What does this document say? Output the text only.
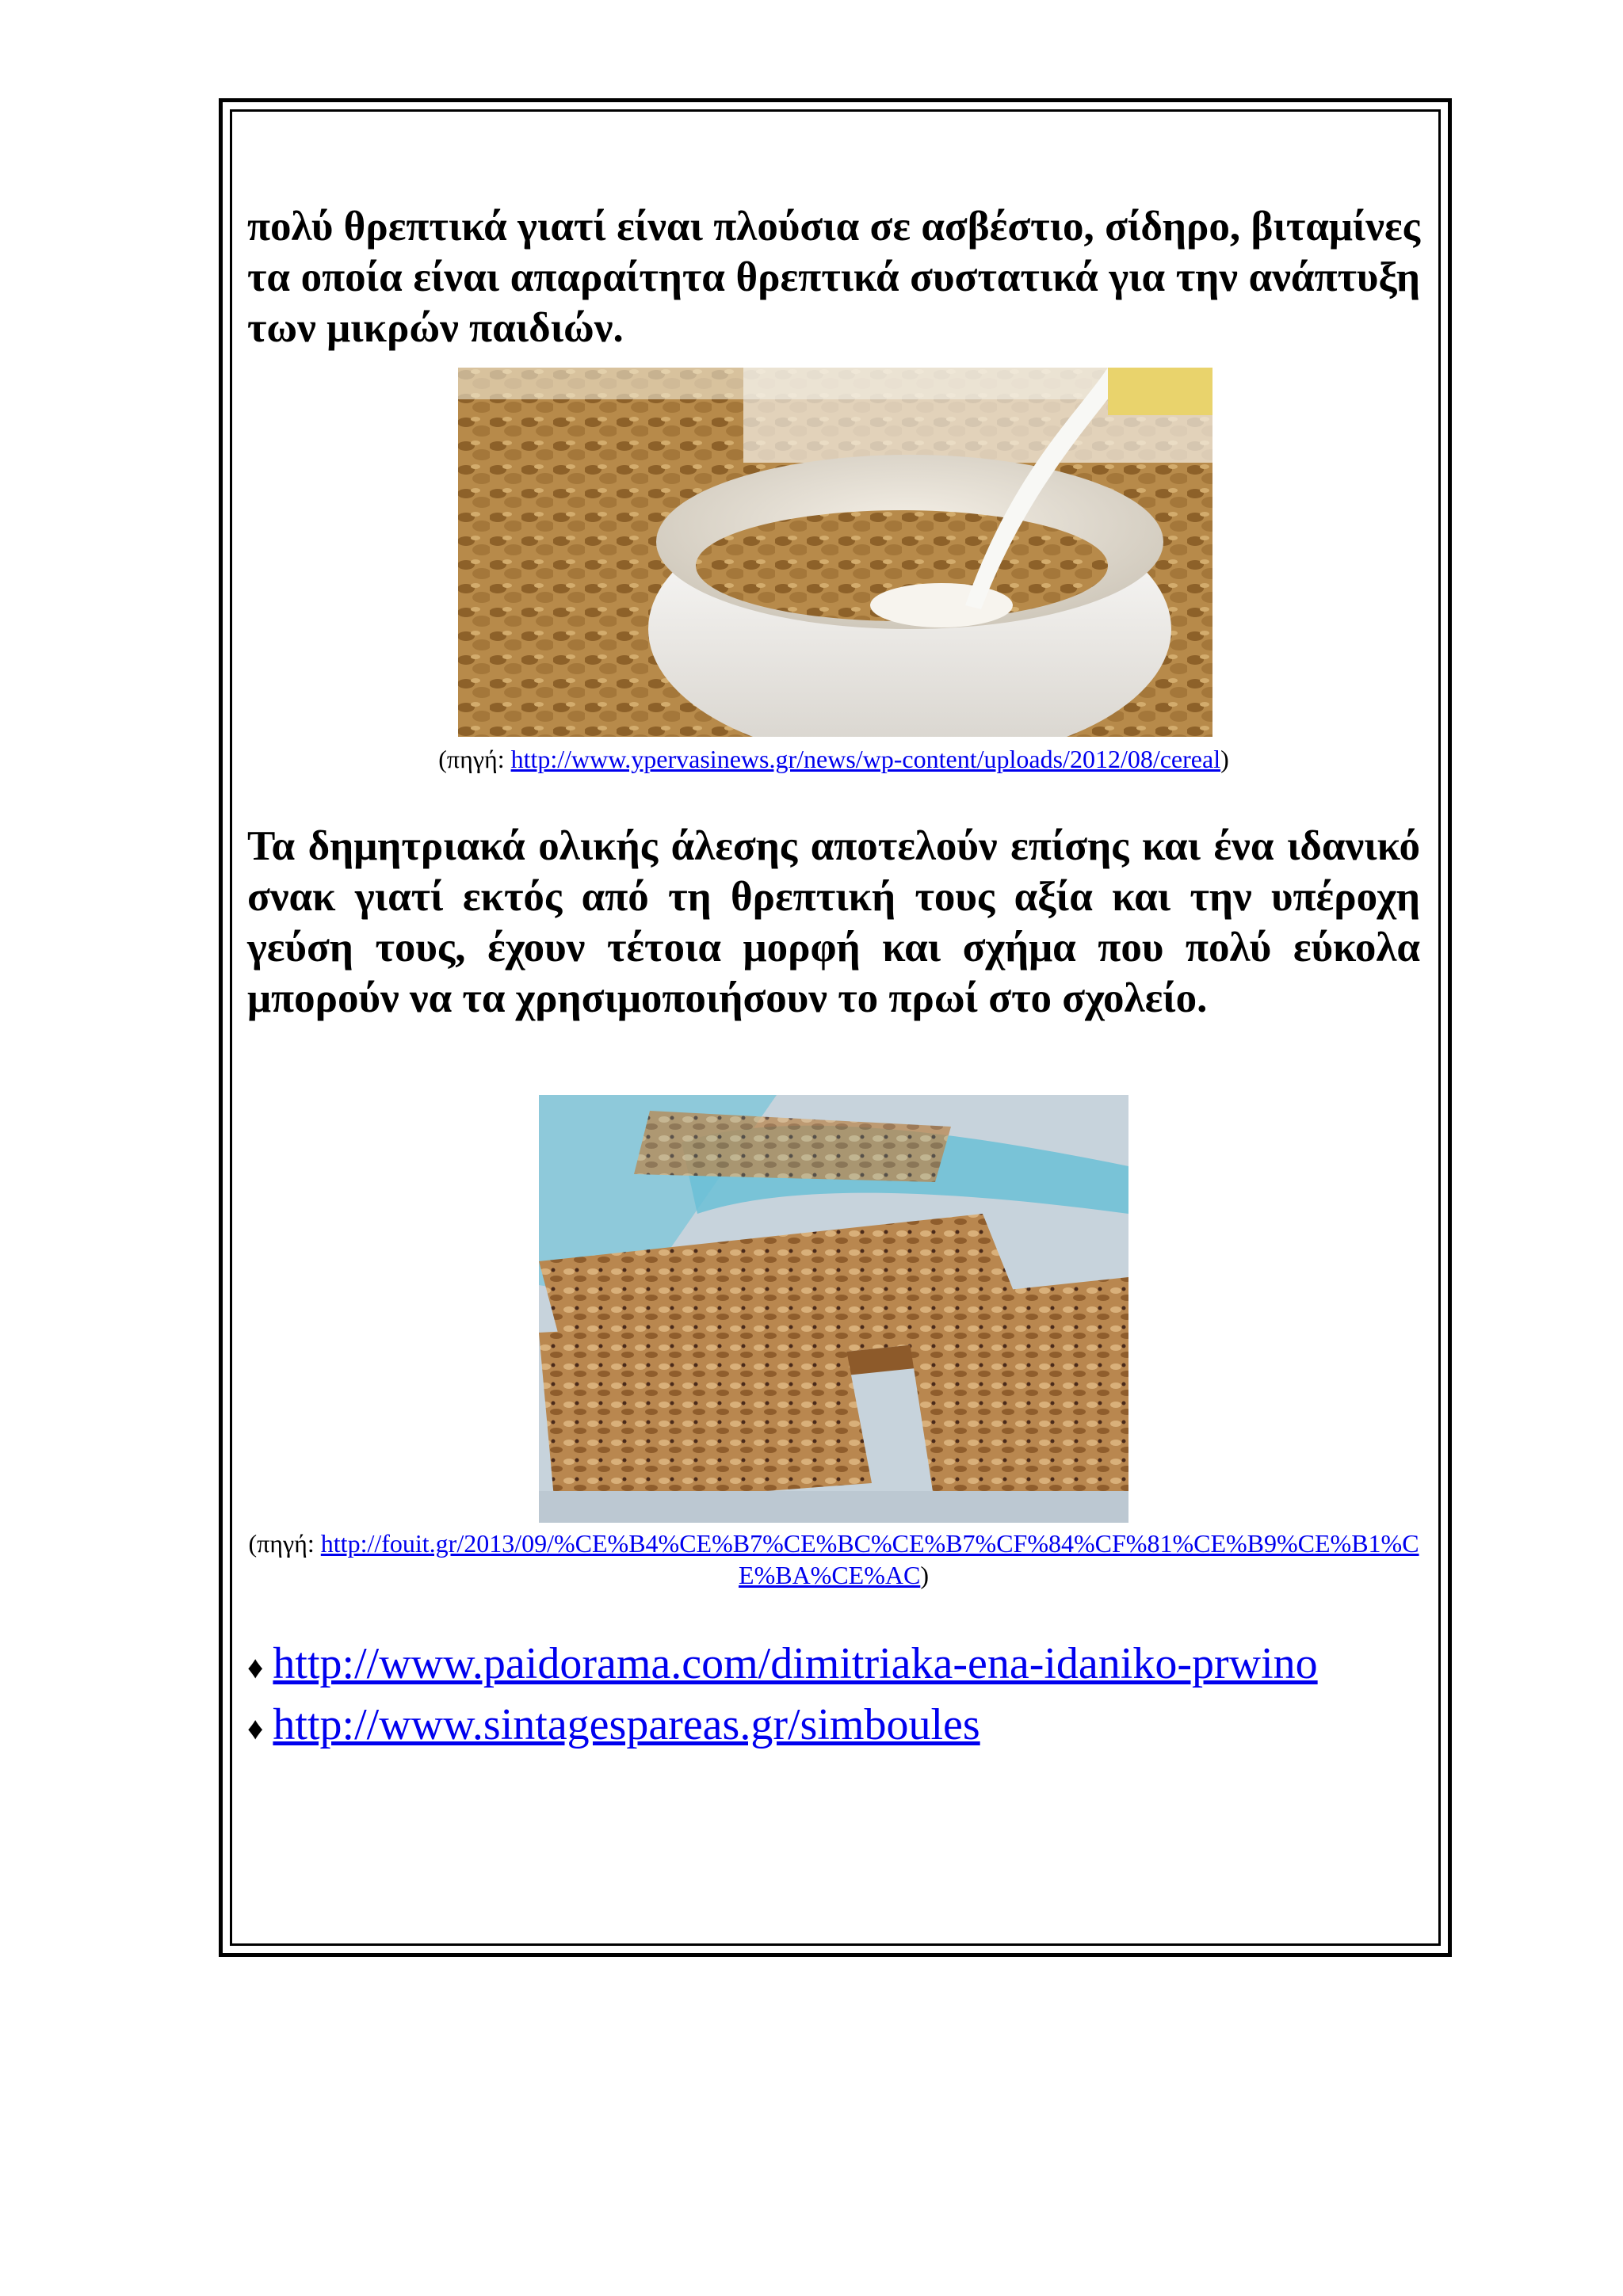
πολύ θρεπτικά γιατί είναι πλούσια σε ασβέστιο, σίδηρο, βιταμίνες τα οποία είναι απαραίτητα θρεπτικά συστατικά για την ανάπτυξη των μικρών παιδιών.

(πηγή: http://www.ypervasinews.gr/news/wp-content/uploads/2012/08/cereal)

Τα δημητριακά ολικής άλεσης αποτελούν επίσης και ένα ιδανικό σνακ γιατί εκτός από τη θρεπτική τους αξία και την υπέροχη γεύση τους, έχουν τέτοια μορφή και σχήμα που πολύ εύκολα μπορούν να τα χρησιμοποιήσουν το πρωί στο σχολείο.

(πηγή: http://fouit.gr/2013/09/%CE%B4%CE%B7%CE%BC%CE%B7%CF%84%CF%81%CE%B9%CE%B1%CE%BA%CE%AC)

♦ http://www.paidorama.com/dimitriaka-ena-idaniko-prwino
♦ http://www.sintagespareas.gr/simboules
